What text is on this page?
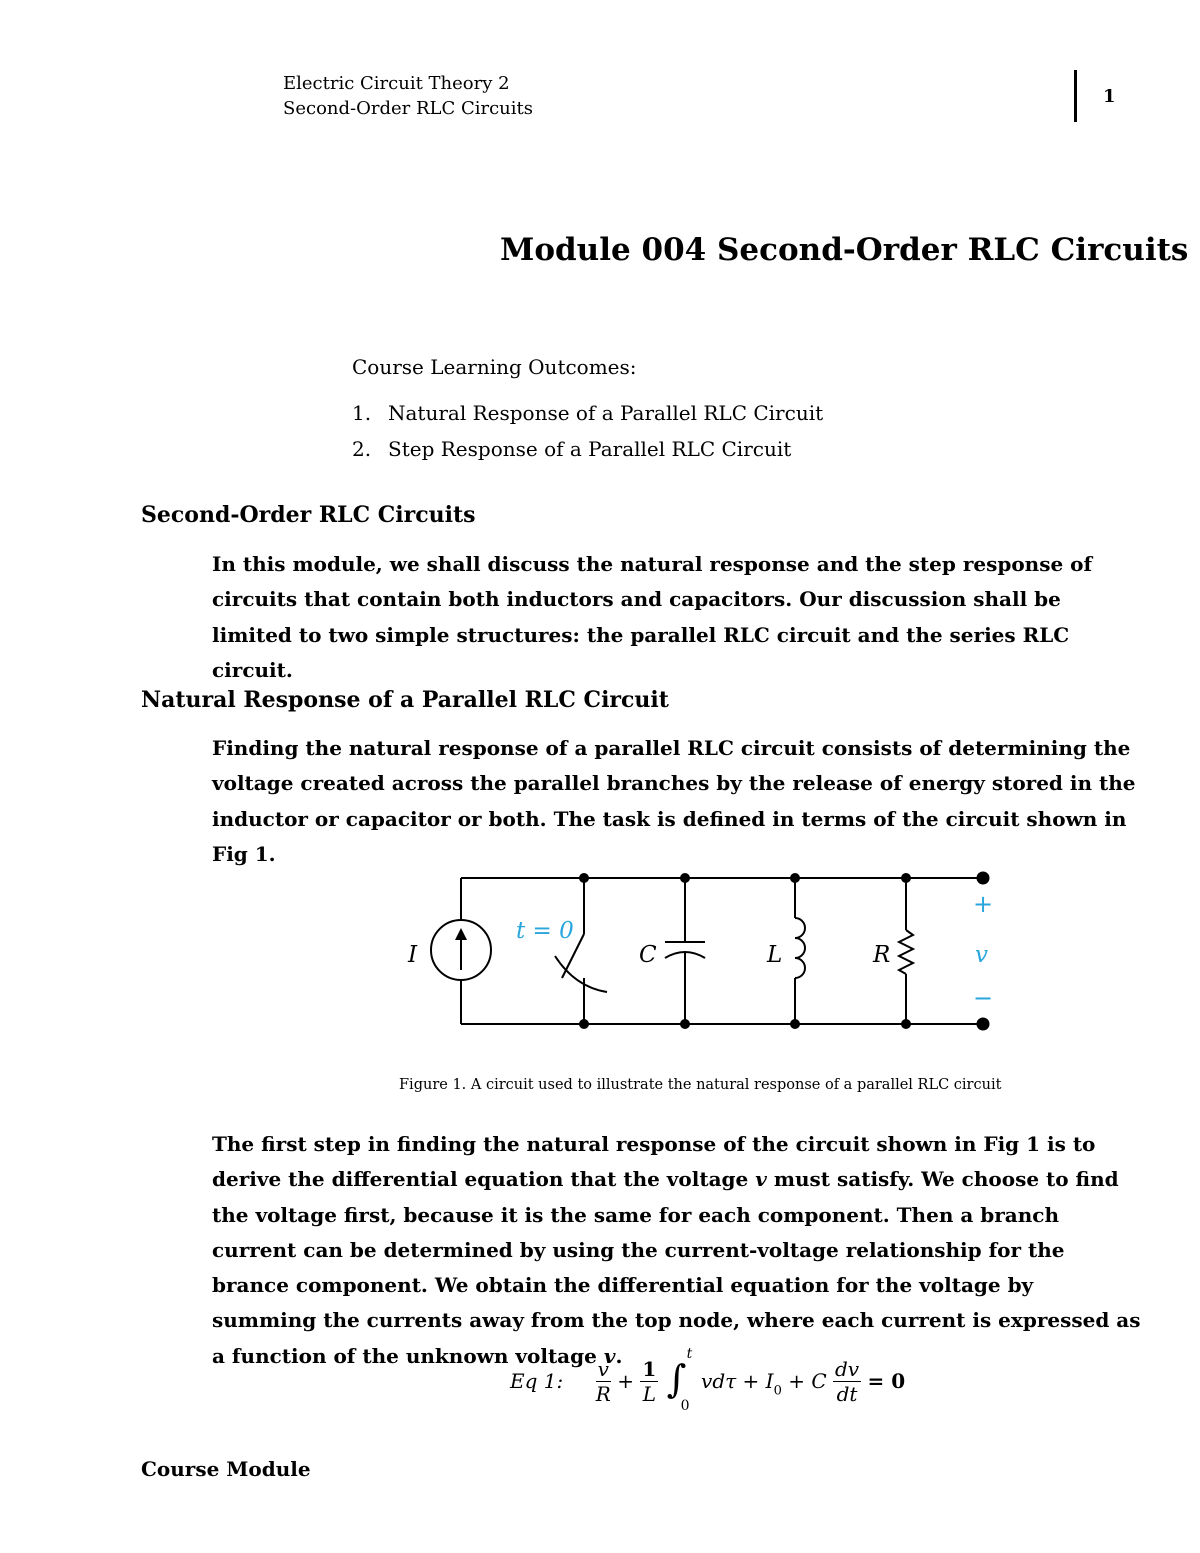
Electric Circuit Theory 2
Second-Order RLC Circuits
1
Module 004 Second-Order RLC Circuits
Course Learning Outcomes:
1. Natural Response of a Parallel RLC Circuit
2. Step Response of a Parallel RLC Circuit
Second-Order RLC Circuits
In this module, we shall discuss the natural response and the step response of circuits that contain both inductors and capacitors. Our discussion shall be limited to two simple structures: the parallel RLC circuit and the series RLC circuit.
Natural Response of a Parallel RLC Circuit
Finding the natural response of a parallel RLC circuit consists of determining the voltage created across the parallel branches by the release of energy stored in the inductor or capacitor or both. The task is defined in terms of the circuit shown in Fig 1.
I
t = 0
C	L	R	v
+
−
Figure 1. A circuit used to illustrate the natural response of a parallel RLC circuit
The first step in finding the natural response of the circuit shown in Fig 1 is to derive the differential equation that the voltage v must satisfy. We choose to find the voltage first, because it is the same for each component. Then a branch current can be determined by using the current-voltage relationship for the brance component. We obtain the differential equation for the voltage by summing the currents away from the top node, where each current is expressed as a function of the unknown voltage v.
Eq 1: $\frac{v}{R} + \frac{1}{L}$
∫
t
0
$vd\tau + I_0 + C \frac{dv}{dt} = 0$
Course Module
